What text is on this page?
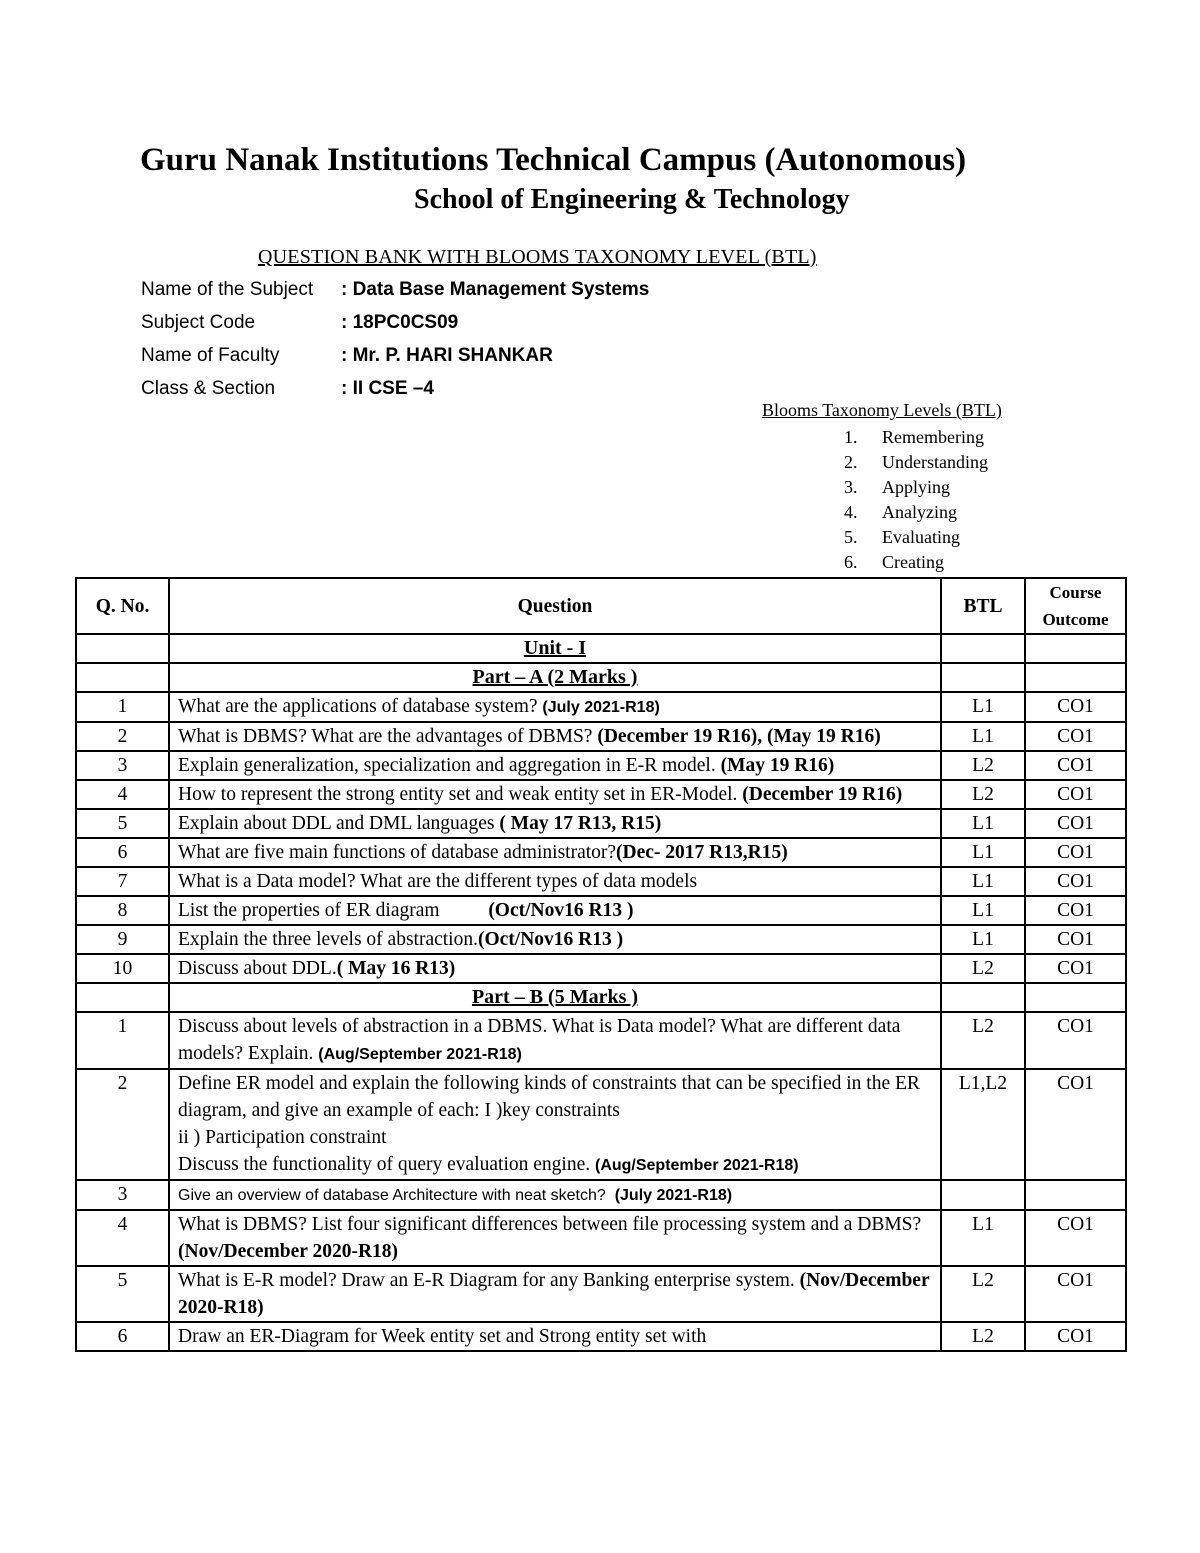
Guru Nanak Institutions Technical Campus (Autonomous)
School of Engineering & Technology
QUESTION BANK WITH BLOOMS TAXONOMY LEVEL (BTL)
Name of the Subject	: Data Base Management Systems
Subject Code	: 18PC0CS09
Name of Faculty	: Mr. P. HARI SHANKAR
Class & Section	: II CSE –4
Blooms Taxonomy Levels (BTL)
1. Remembering
2. Understanding
3. Applying
4. Analyzing
5. Evaluating
6. Creating
Q. No.	Question	BTL	Course
Outcome

	Unit - I		
	Part – A (2 Marks )		
1	What are the applications of database system? (July 2021-R18)	L1	CO1
2	What is DBMS? What are the advantages of DBMS? (December 19 R16), (May 19 R16)	L1	CO1
3	Explain generalization, specialization and aggregation in E-R model. (May 19 R16)	L2	CO1
4	How to represent the strong entity set and weak entity set in ER-Model. (December 19 R16)	L2	CO1
5	Explain about DDL and DML languages ( May 17 R13, R15)	L1	CO1
6	What are five main functions of database administrator?(Dec- 2017 R13,R15)	L1	CO1
7	What is a Data model? What are the different types of data models	L1	CO1
8	List the properties of ER diagram          (Oct/Nov16 R13 )	L1	CO1
9	Explain the three levels of abstraction.(Oct/Nov16 R13 )	L1	CO1
10	Discuss about DDL.( May 16 R13)	L2	CO1
	Part – B (5 Marks )		
1	Discuss about levels of abstraction in a DBMS. What is Data model? What are different data models? Explain. (Aug/September 2021-R18)	L2	CO1
2	Define ER model and explain the following kinds of constraints that can be specified in the ER diagram, and give an example of each: I )key constraints
ii ) Participation constraint
Discuss the functionality of query evaluation engine. (Aug/September 2021-R18)	L1,L2	CO1
3	Give an overview of database Architecture with neat sketch?  (July 2021-R18)		
4	What is DBMS? List four significant differences between file processing system and a DBMS? (Nov/December 2020-R18)	L1	CO1
5	What is E-R model? Draw an E-R Diagram for any Banking enterprise system. (Nov/December 2020-R18)	L2	CO1
6	Draw an ER-Diagram for Week entity set and Strong entity set with	L2	CO1
